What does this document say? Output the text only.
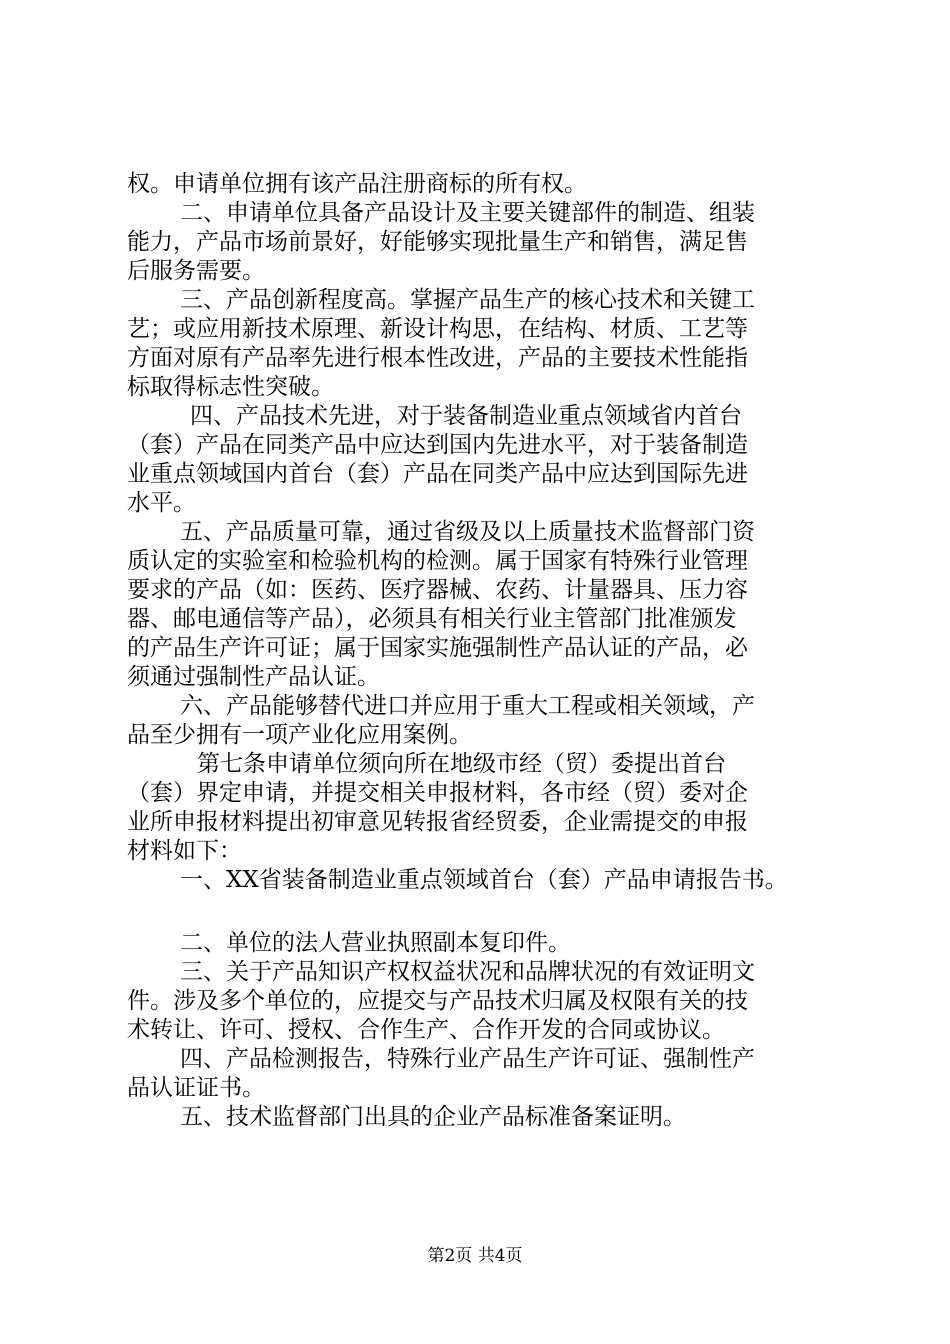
权。申请单位拥有该产品注册商标的所有权。
二、申请单位具备产品设计及主要关键部件的制造、组装
能力，产品市场前景好，好能够实现批量生产和销售，满足售
后服务需要。
三、产品创新程度高。掌握产品生产的核心技术和关键工
艺；或应用新技术原理、新设计构思，在结构、材质、工艺等
方面对原有产品率先进行根本性改进，产品的主要技术性能指
标取得标志性突破。
四、产品技术先进，对于装备制造业重点领域省内首台
（套）产品在同类产品中应达到国内先进水平，对于装备制造
业重点领域国内首台（套）产品在同类产品中应达到国际先进
水平。
五、产品质量可靠，通过省级及以上质量技术监督部门资
质认定的实验室和检验机构的检测。属于国家有特殊行业管理
要求的产品（如：医药、医疗器械、农药、计量器具、压力容
器、邮电通信等产品），必须具有相关行业主管部门批准颁发
的产品生产许可证；属于国家实施强制性产品认证的产品，必
须通过强制性产品认证。
六、产品能够替代进口并应用于重大工程或相关领域，产
品至少拥有一项产业化应用案例。
第七条申请单位须向所在地级市经（贸）委提出首台
（套）界定申请，并提交相关申报材料，各市经（贸）委对企
业所申报材料提出初审意见转报省经贸委，企业需提交的申报
材料如下：
一、XX省装备制造业重点领域首台（套）产品申请报告书。
二、单位的法人营业执照副本复印件。
三、关于产品知识产权权益状况和品牌状况的有效证明文
件。涉及多个单位的，应提交与产品技术归属及权限有关的技
术转让、许可、授权、合作生产、合作开发的合同或协议。
四、产品检测报告，特殊行业产品生产许可证、强制性产
品认证证书。
五、技术监督部门出具的企业产品标准备案证明。
第2页 共4页
